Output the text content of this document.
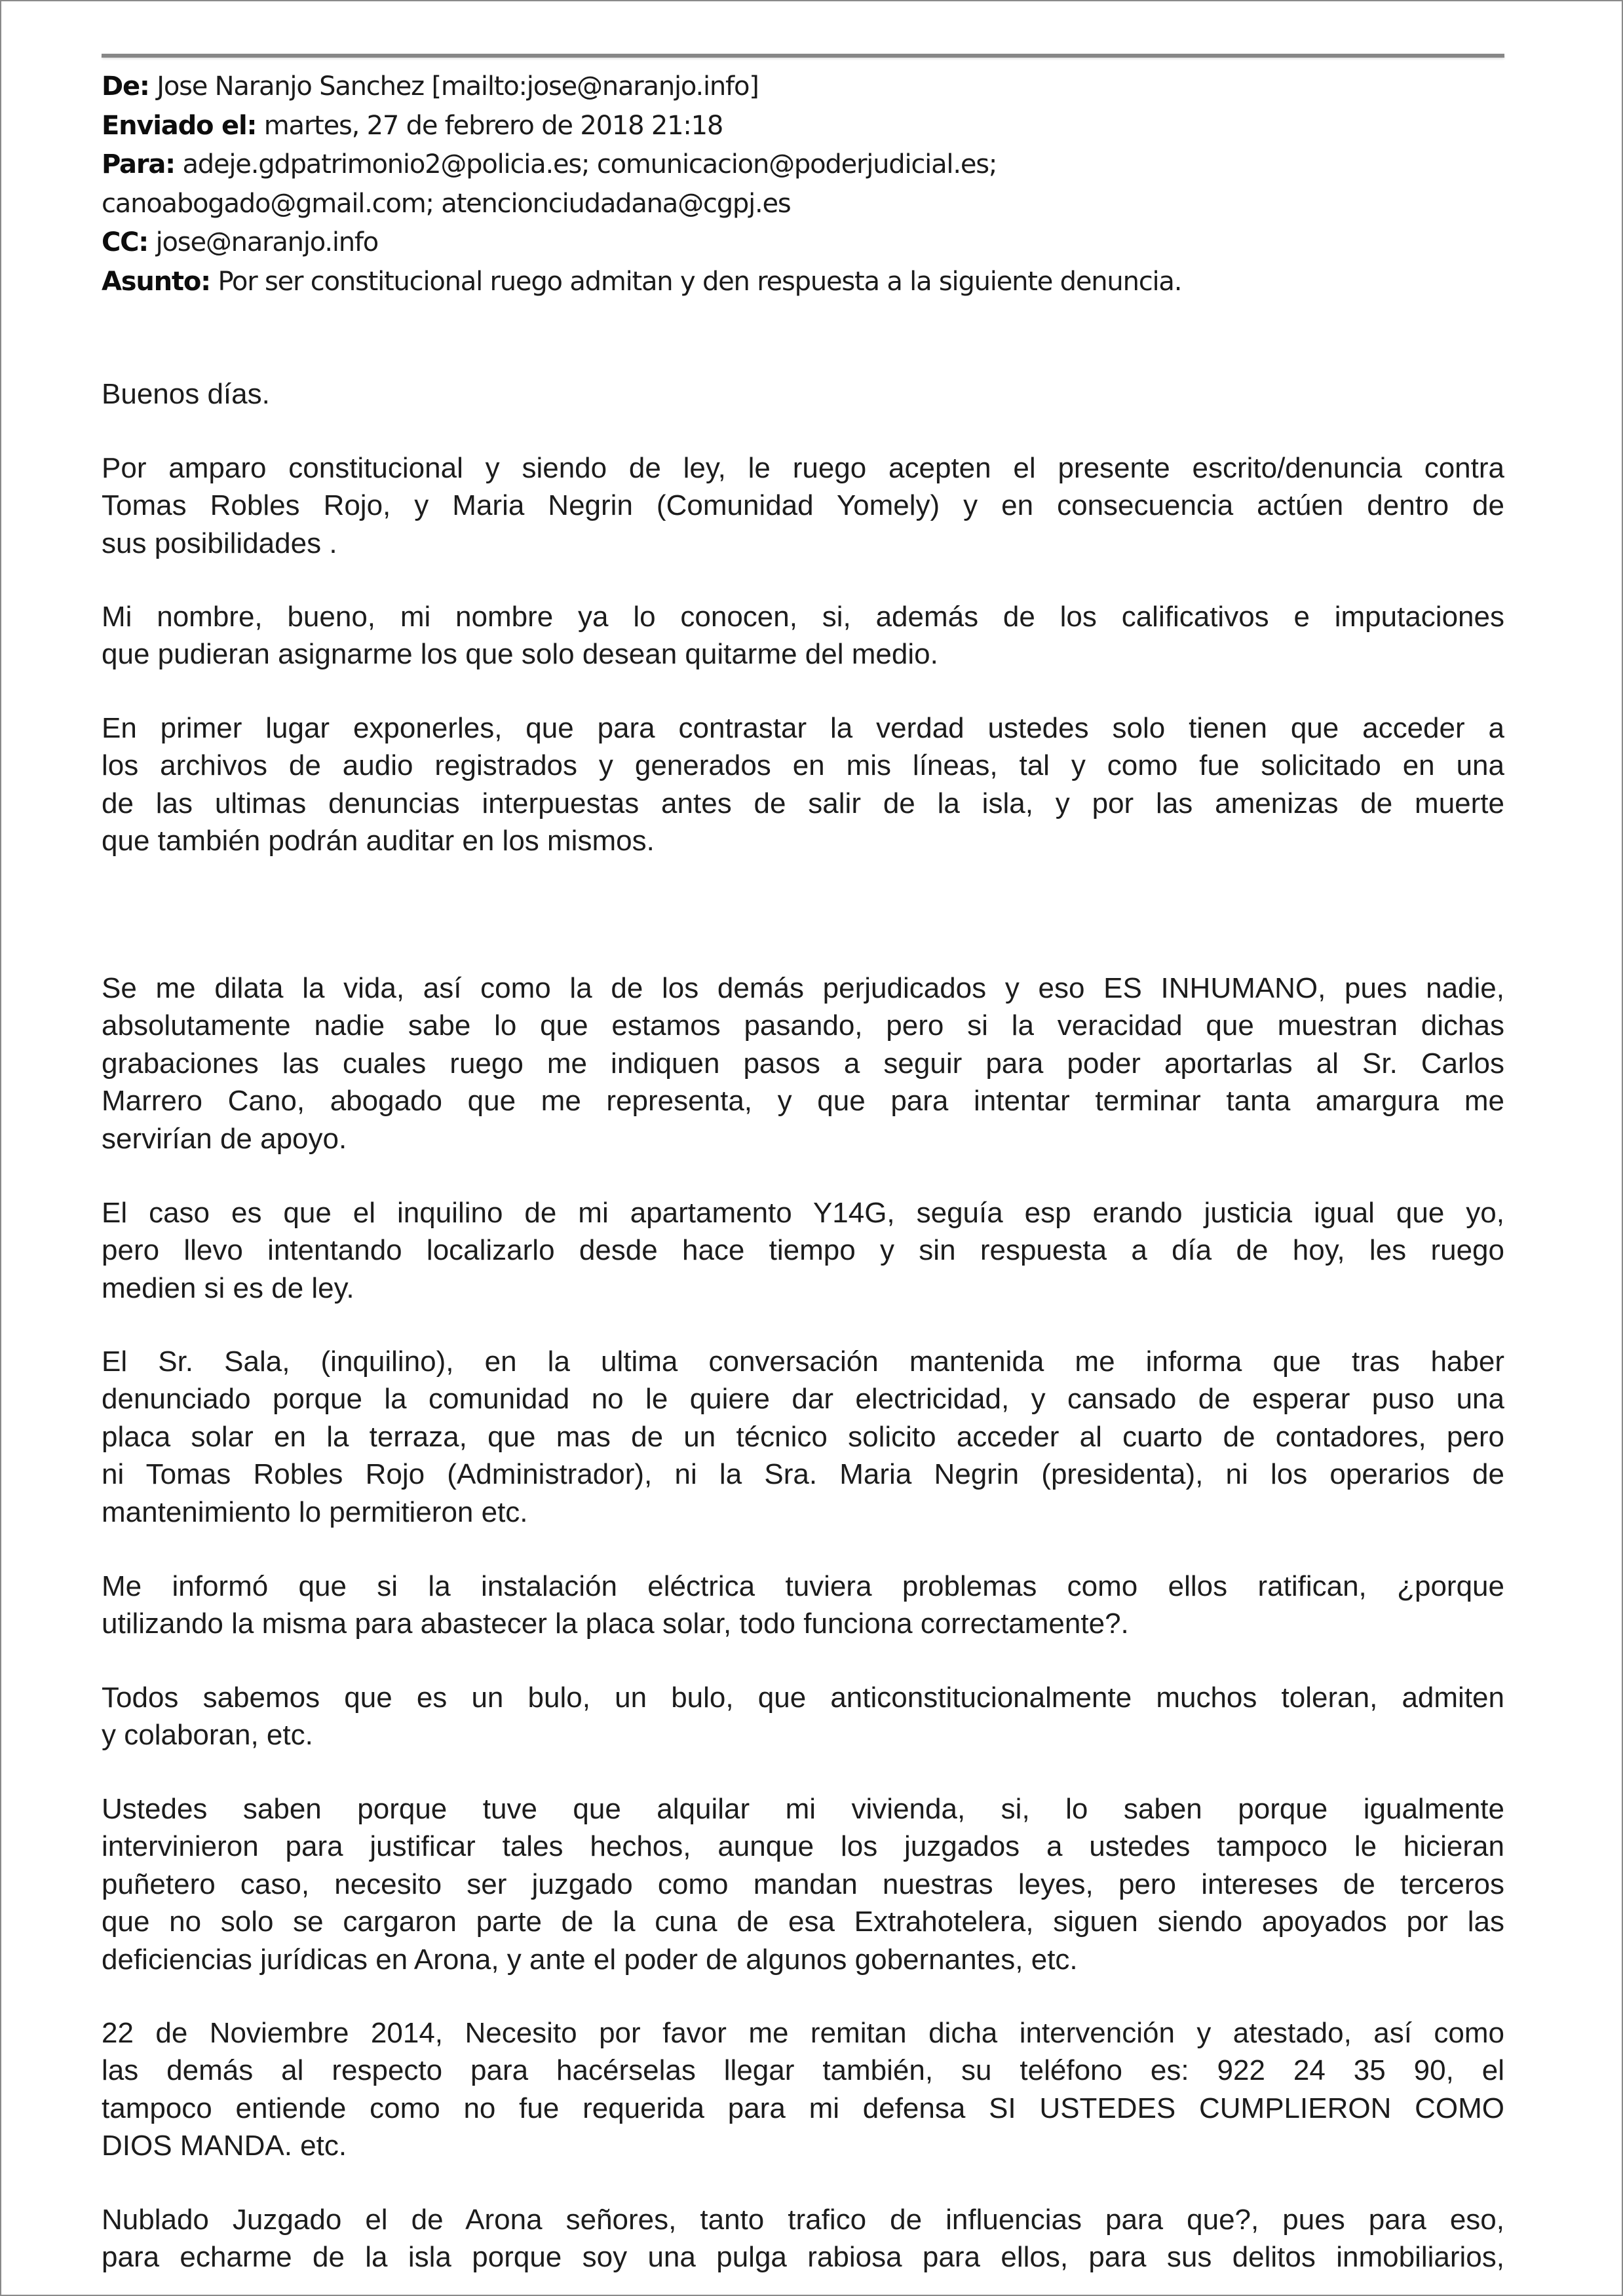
De: Jose Naranjo Sanchez [mailto:jose@naranjo.info]
Enviado el: martes, 27 de febrero de 2018 21:18
Para: adeje.gdpatrimonio2@policia.es; comunicacion@poderjudicial.es;
canoabogado@gmail.com; atencionciudadana@cgpj.es
CC: jose@naranjo.info
Asunto: Por ser constitucional ruego admitan y den respuesta a la siguiente denuncia.
Buenos días.
Por amparo constitucional y siendo de ley, le ruego acepten el presente escrito/denuncia contra
Tomas Robles Rojo, y Maria Negrin (Comunidad Yomely) y en consecuencia actúen dentro de
sus posibilidades .
Mi nombre, bueno, mi nombre ya lo conocen, si, además de los calificativos e imputaciones
que pudieran asignarme los que solo desean quitarme del medio.
En primer lugar exponerles, que para contrastar la verdad ustedes solo tienen que acceder a
los archivos de audio registrados y generados en mis líneas, tal y como fue solicitado en una
de las ultimas denuncias interpuestas antes de salir de la isla, y por las amenizas de muerte
que también podrán auditar en los mismos.
Se me dilata la vida, así como la de los demás perjudicados y eso ES INHUMANO, pues nadie,
absolutamente nadie sabe lo que estamos pasando, pero si la veracidad que muestran dichas
grabaciones las cuales ruego me indiquen pasos a seguir para poder aportarlas al Sr. Carlos
Marrero Cano, abogado que me representa, y que para intentar terminar tanta amargura me
servirían de apoyo.
El caso es que el inquilino de mi apartamento Y14G, seguía esp erando justicia igual que yo,
pero llevo intentando localizarlo desde hace tiempo y sin respuesta a día de hoy, les ruego
medien si es de ley.
El Sr. Sala, (inquilino), en la ultima conversación mantenida me informa que tras haber
denunciado porque la comunidad no le quiere dar electricidad, y cansado de esperar puso una
placa solar en la terraza, que mas de un técnico solicito acceder al cuarto de contadores, pero
ni Tomas Robles Rojo (Administrador), ni la Sra. Maria Negrin (presidenta), ni los operarios de
mantenimiento lo permitieron etc.
Me informó que si la instalación eléctrica tuviera problemas como ellos ratifican, ¿porque
utilizando la misma para abastecer la placa solar, todo funciona correctamente?.
Todos sabemos que es un bulo, un bulo, que anticonstitucionalmente muchos toleran, admiten
y colaboran, etc.
Ustedes saben porque tuve que alquilar mi vivienda, si, lo saben porque igualmente
intervinieron para justificar tales hechos, aunque los juzgados a ustedes tampoco le hicieran
puñetero caso, necesito ser juzgado como mandan nuestras leyes, pero intereses de terceros
que no solo se cargaron parte de la cuna de esa Extrahotelera, siguen siendo apoyados por las
deficiencias jurídicas en Arona, y ante el poder de algunos gobernantes, etc.
22 de Noviembre 2014, Necesito por favor me remitan dicha intervención y atestado, así como
las demás al respecto para hacérselas llegar también, su teléfono es: 922 24 35 90, el
tampoco entiende como no fue requerida para mi defensa SI USTEDES CUMPLIERON COMO
DIOS MANDA. etc.
Nublado Juzgado el de Arona señores, tanto trafico de influencias para que?, pues para eso,
para echarme de la isla porque soy una pulga rabiosa para ellos, para sus delitos inmobiliarios,
